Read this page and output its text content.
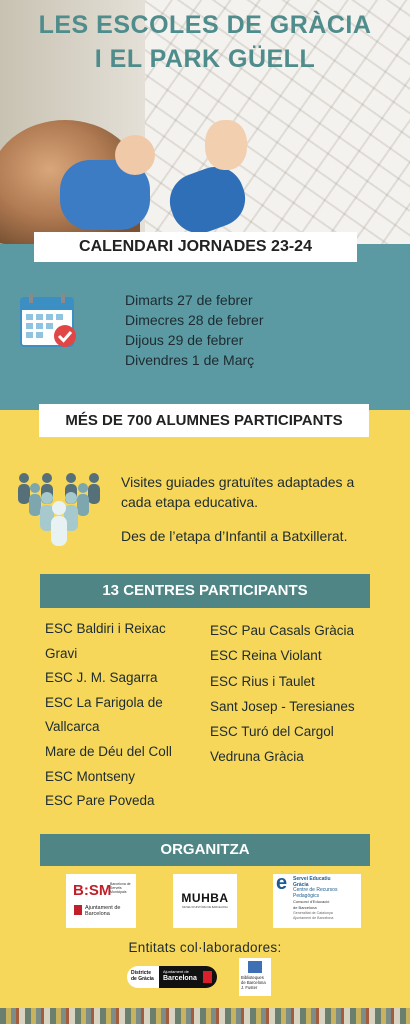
LES ESCOLES DE GRÀCIA
I EL PARK GÜELL
CALENDARI JORNADES 23-24
Dimarts 27 de febrer
Dimecres 28 de febrer
Dijous 29 de febrer
Divendres 1 de Març
MÉS DE 700 ALUMNES PARTICIPANTS
Visites guiades gratuïtes adaptades a cada etapa educativa.
Des de l’etapa d’Infantil a Batxillerat.
13 CENTRES PARTICIPANTS
ESC Baldiri i Reixac
Gravi
ESC J. M. Sagarra
ESC La Farigola de
Vallcarca
Mare de Déu del Coll
ESC Montseny
ESC Pare Poveda
ESC Pau Casals Gràcia
ESC Reina Violant
ESC Rius i Taulet
Sant Josep - Teresianes
ESC Turó del Cargol
Vedruna Gràcia
ORGANITZA
B:SM
Barcelona de Serveis Municipals
Ajuntament de Barcelona
MUHBA
MUSEU D'HISTÒRIA DE BARCELONA
e Servei Educatiu
Gràcia
Centre de Recursos
Pedagògics
Consorci d'Educació
de Barcelona
Generalitat de Catalunya
Ajuntament de Barcelona
Entitats col·laboradores:
Districte
de Gràcia
Ajuntament de
Barcelona	Biblioteques
de Barcelona
J. Fuster
